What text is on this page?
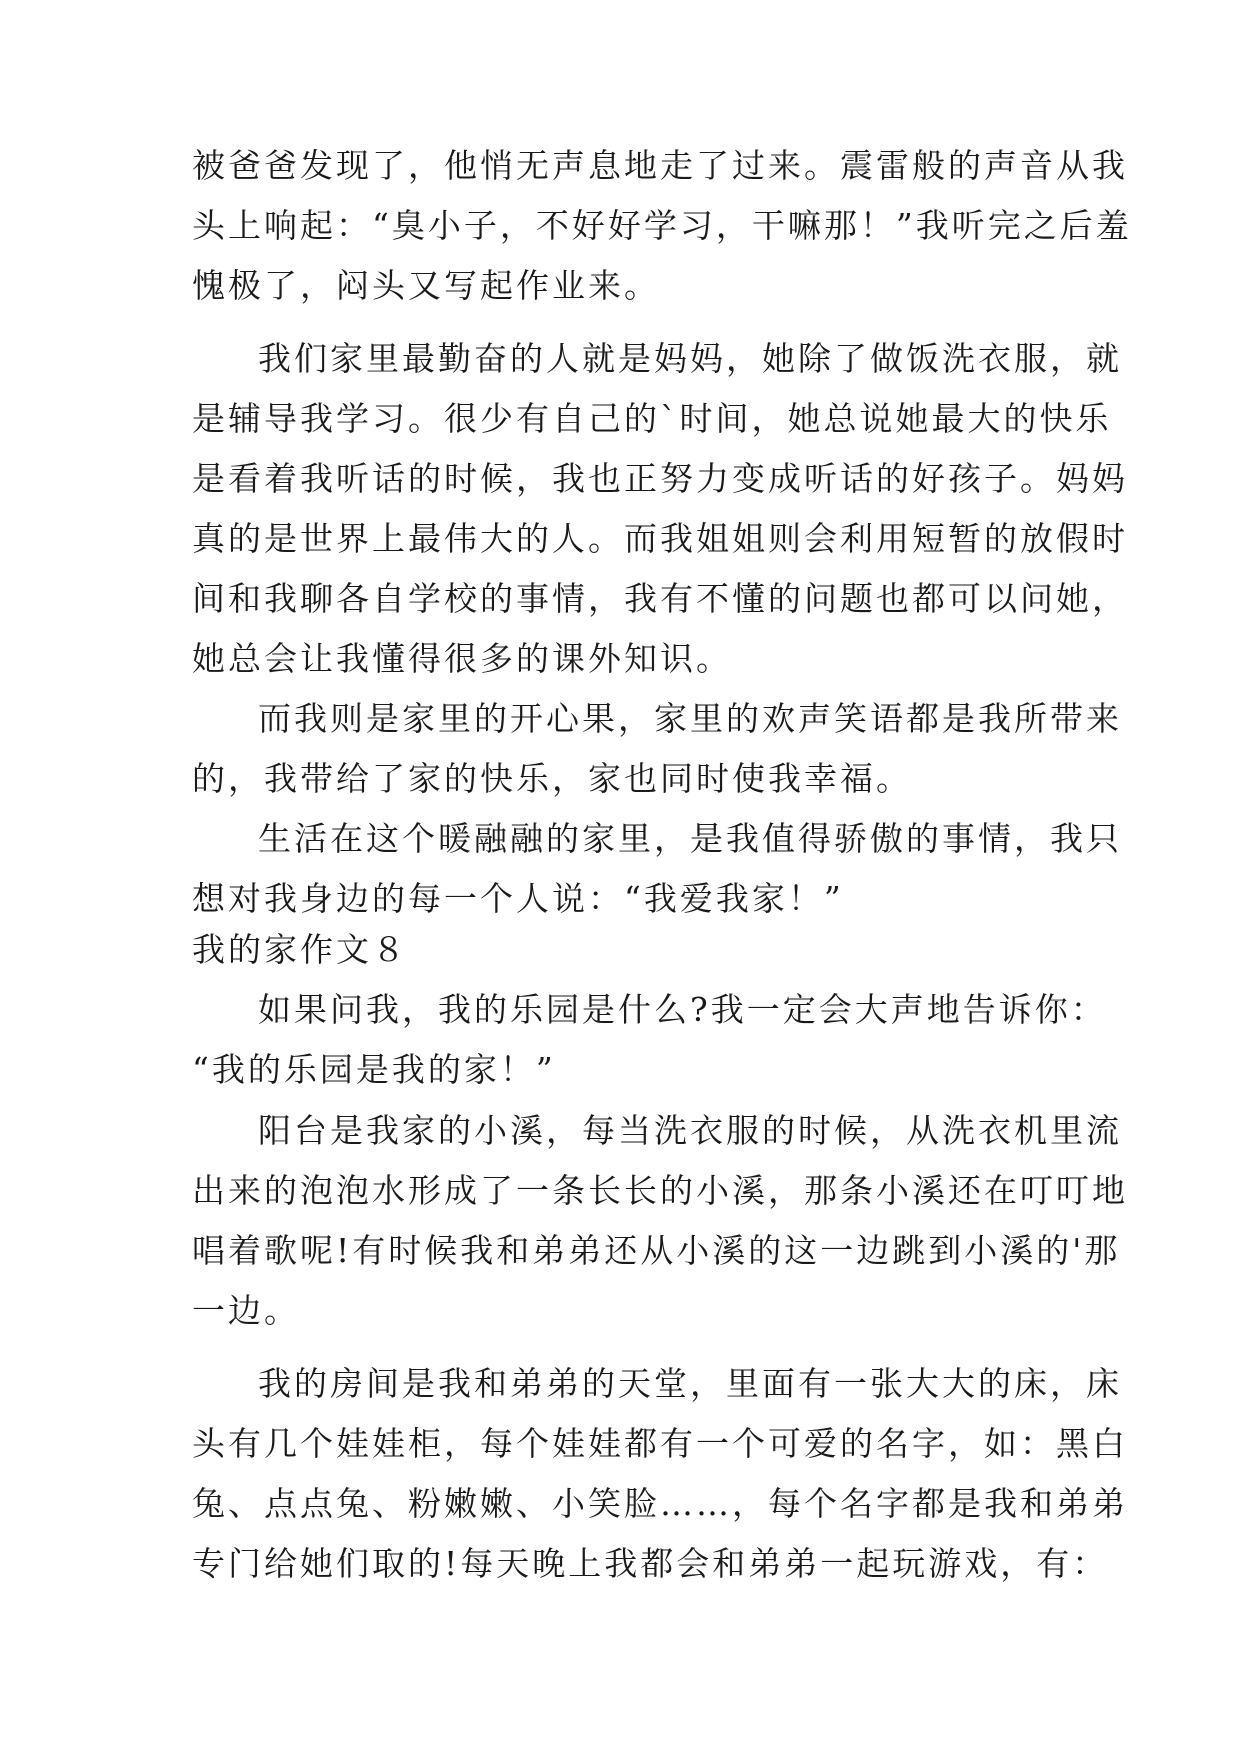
被爸爸发现了，他悄无声息地走了过来。震雷般的声音从我
头上响起：“臭小子，不好好学习，干嘛那！”我听完之后羞
愧极了，闷头又写起作业来。
我们家里最勤奋的人就是妈妈，她除了做饭洗衣服，就
是辅导我学习。很少有自己的`时间，她总说她最大的快乐
是看着我听话的时候，我也正努力变成听话的好孩子。妈妈
真的是世界上最伟大的人。而我姐姐则会利用短暂的放假时
间和我聊各自学校的事情，我有不懂的问题也都可以问她，
她总会让我懂得很多的课外知识。
而我则是家里的开心果，家里的欢声笑语都是我所带来
的，我带给了家的快乐，家也同时使我幸福。
生活在这个暖融融的家里，是我值得骄傲的事情，我只
想对我身边的每一个人说：“我爱我家！”
我的家作文８
如果问我，我的乐园是什么?我一定会大声地告诉你：
“我的乐园是我的家！”
阳台是我家的小溪，每当洗衣服的时候，从洗衣机里流
出来的泡泡水形成了一条长长的小溪，那条小溪还在叮叮地
唱着歌呢!有时候我和弟弟还从小溪的这一边跳到小溪的'那
一边。
我的房间是我和弟弟的天堂，里面有一张大大的床，床
头有几个娃娃柜，每个娃娃都有一个可爱的名字，如：黑白
兔、点点兔、粉嫩嫩、小笑脸……，每个名字都是我和弟弟
专门给她们取的!每天晚上我都会和弟弟一起玩游戏，有：
